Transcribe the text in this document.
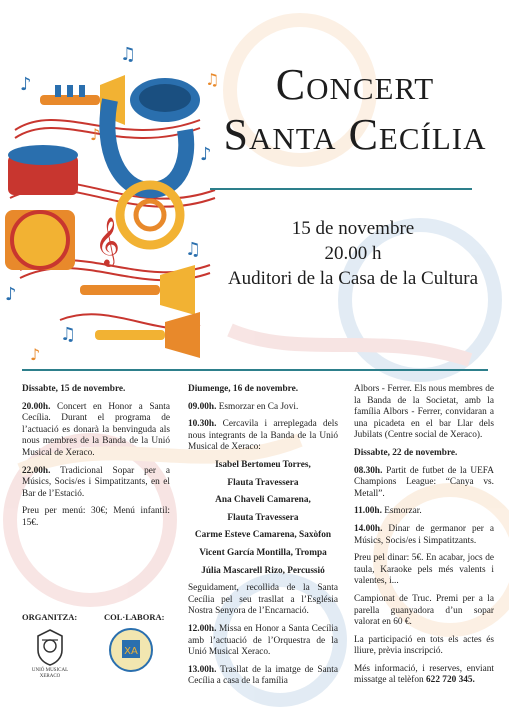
𝄞
♪
♫
♪
♫
♪
♫
♪
♫
♪
Concert
Santa Cecília
15 de novembre
20.00 h
Auditori de la Casa de la Cultura

Dissabte, 15 de novembre.

20.00h. Concert en Honor a Santa Cecília. Durant el programa de l’actuació es donarà la benvinguda als nous membres de la Banda de la Unió Musical de Xeraco.

22.00h. Tradicional Sopar per a Músics, Socis/es i Simpatitzants, en el Bar de l’Estació.

Preu per menú: 30€; Menú infantil: 15€.

ORGANITZA:	COL·LABORA:
UNIÓ MUSICAL XERACO
XA

Diumenge, 16 de novembre.

09.00h. Esmorzar en Ca Jovi.

10.30h. Cercavila i arreplegada dels nous integrants de la Banda de la Unió Musical de Xeraco:

Isabel Bertomeu Torres,

Flauta Travessera

Ana Chaveli Camarena,

Flauta Travessera

Carme Esteve Camarena, Saxòfon

Vicent García Montilla, Trompa

Júlia Mascarell Rizo, Percussió

Seguidament, recollida de la Santa Cecília pel seu trasllat a l’Església Nostra Senyora de l’Encarnació.

12.00h. Missa en Honor a Santa Cecília amb l’actuació de l’Orquestra de la Unió Musical Xeraco.

13.00h. Trasllat de la imatge de Santa Cecília a casa de la família

Albors - Ferrer. Els nous membres de la Banda de la Societat, amb la família Albors - Ferrer, convidaran a una picadeta en el bar Llar dels Jubilats (Centre social de Xeraco).

Dissabte, 22 de novembre.

08.30h. Partit de futbet de la UEFA Champions League: “Canya vs. Metall”.

11.00h. Esmorzar.

14.00h. Dinar de germanor per a Músics, Socis/es i Simpatitzants.

Preu pel dinar: 5€. En acabar, jocs de taula, Karaoke pels més valents i valentes, i...

Campionat de Truc. Premi per a la parella guanyadora d’un sopar valorat en 60 €.

La participació en tots els actes és lliure, prèvia inscripció.

Més informació, i reserves, enviant missatge al telèfon 622 720 345.
